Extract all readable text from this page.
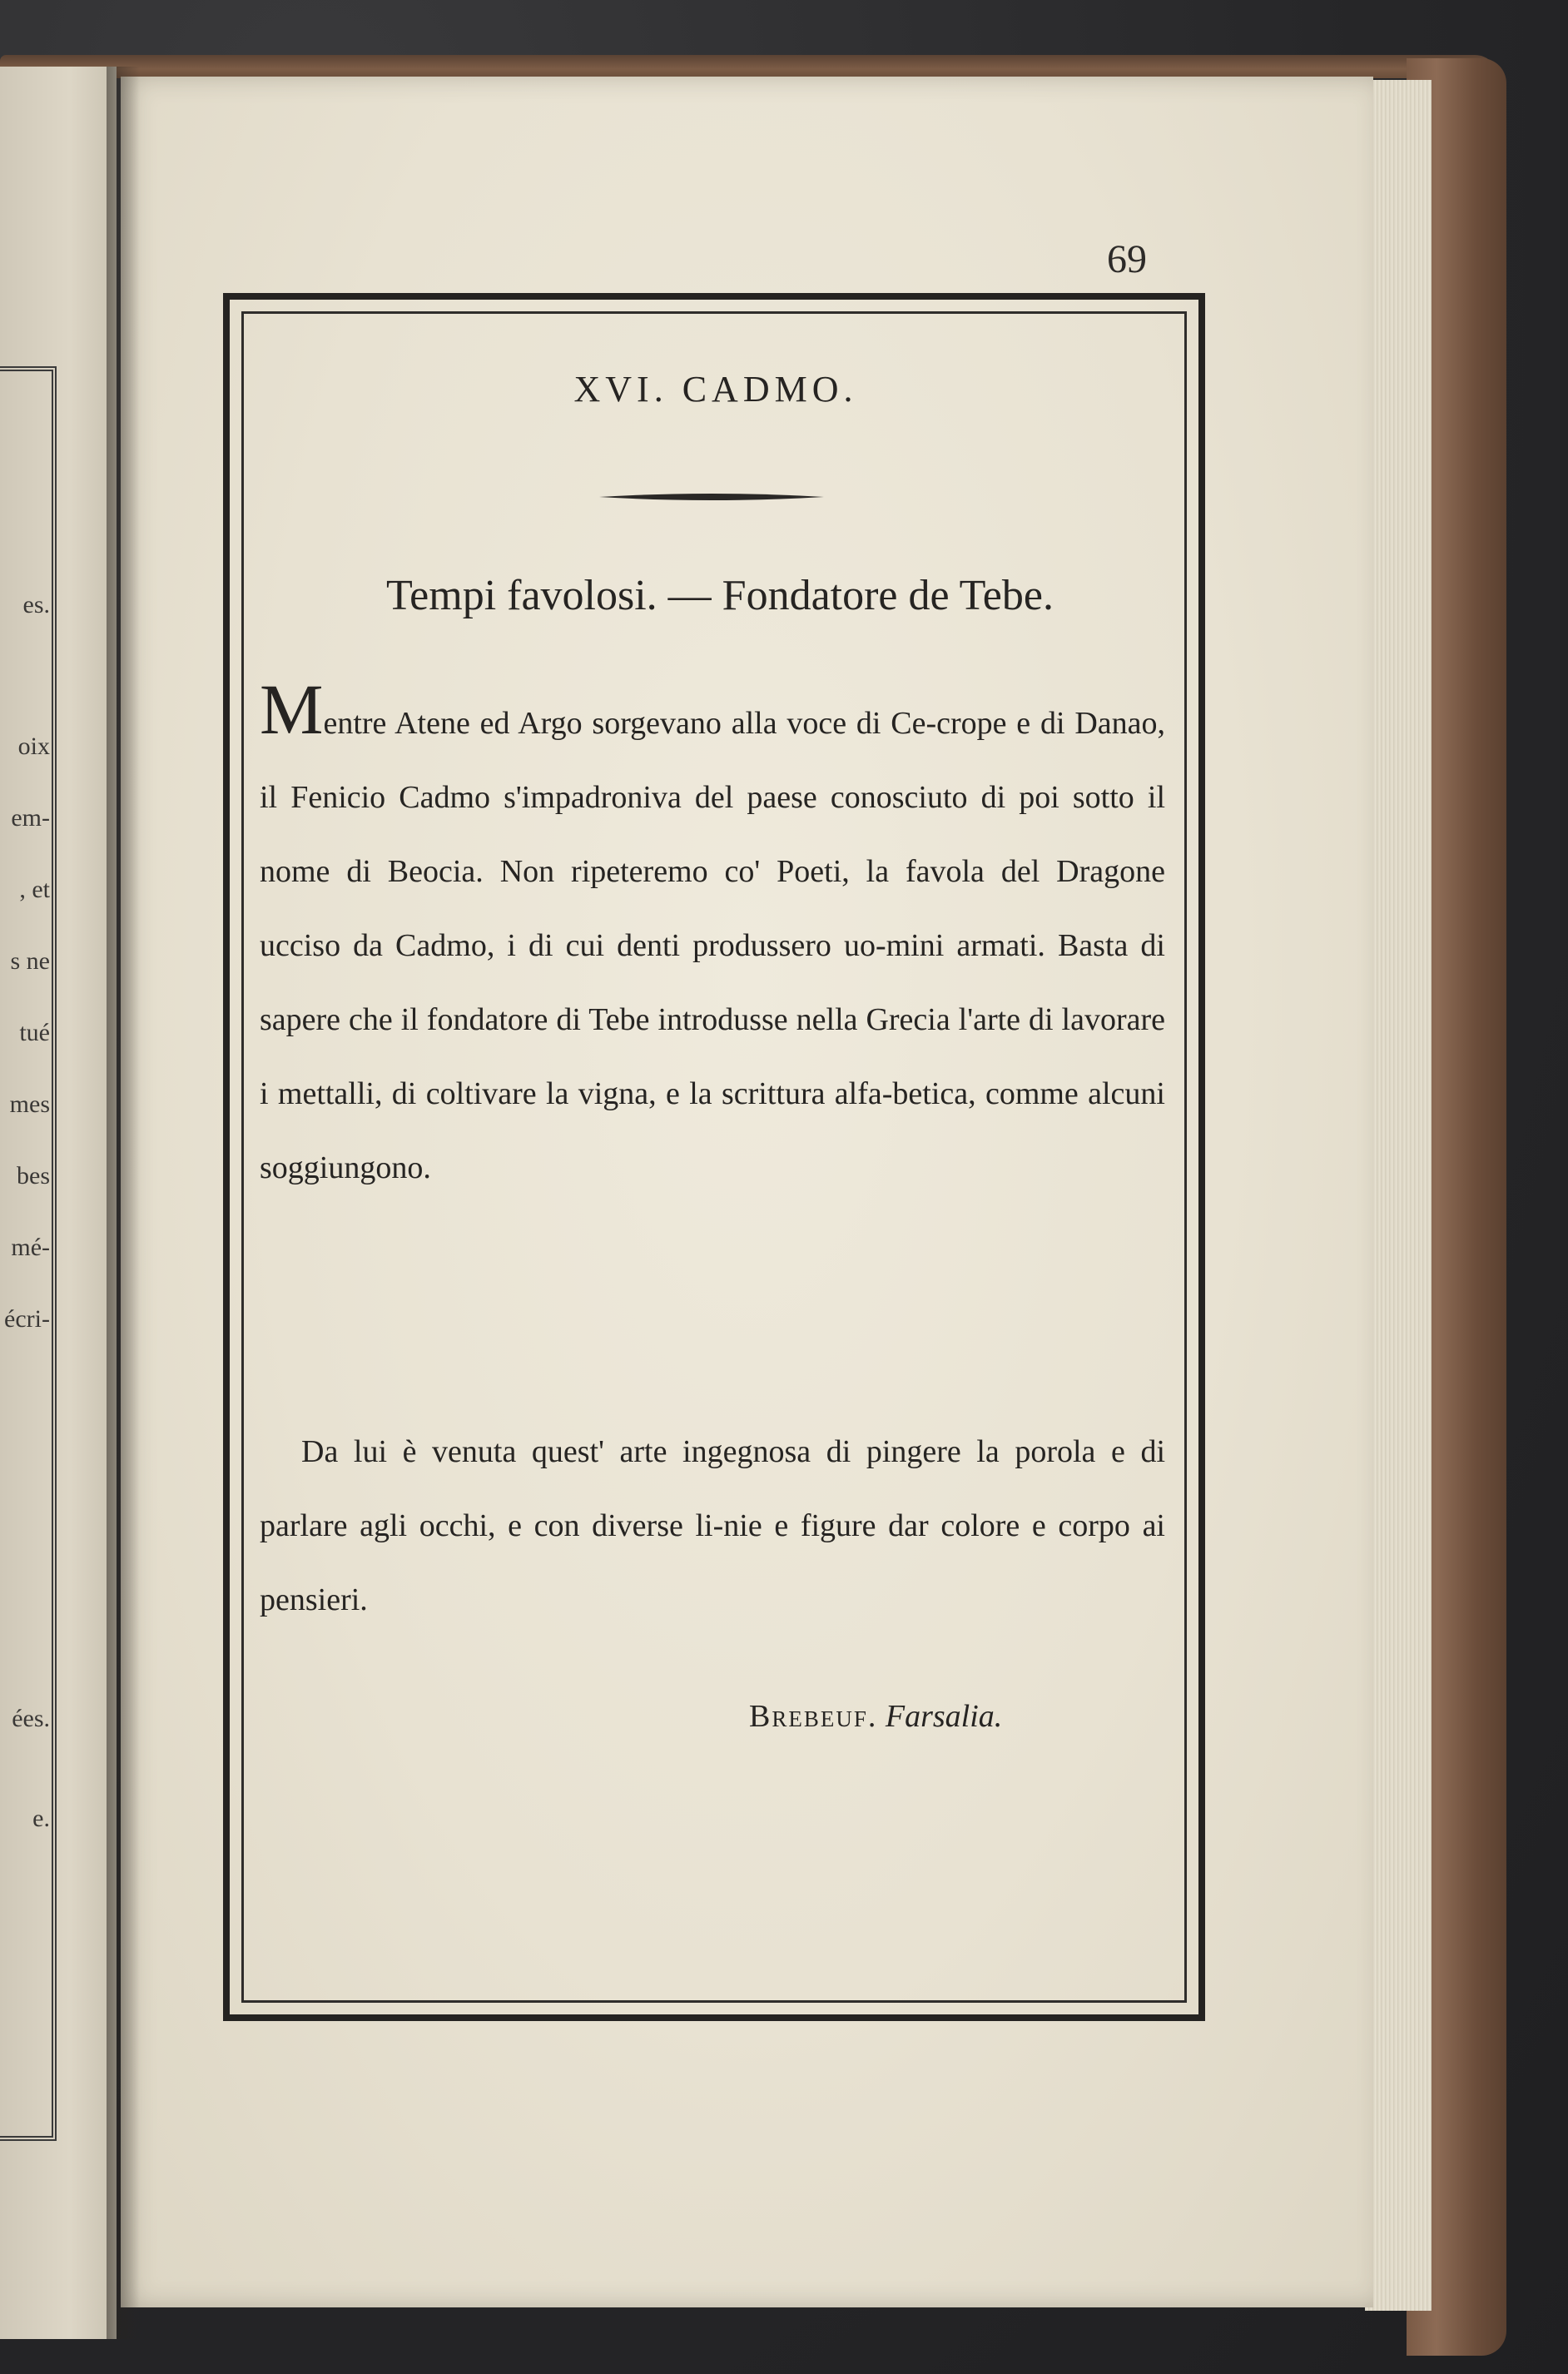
es.
oix
em-
, et
s ne
tué
mes
bes
mé-
écri-
ées.
e.
69
XVI. CADMO.
Tempi favolosi. — Fondatore de Tebe.
Mentre Atene ed Argo sorgevano alla voce di Ce-crope e di Danao, il Fenicio Cadmo s'impadroniva del paese conosciuto di poi sotto il nome di Beocia. Non ripeteremo co' Poeti, la favola del Dragone ucciso da Cadmo, i di cui denti produssero uo-mini armati. Basta di sapere che il fondatore di Tebe introdusse nella Grecia l'arte di lavorare i mettalli, di coltivare la vigna, e la scrittura alfa-betica, comme alcuni soggiungono.
Da lui è venuta quest' arte ingegnosa di pingere la porola e di parlare agli occhi, e con diverse li-nie e figure dar colore e corpo ai pensieri.
Brebeuf. Farsalia.
